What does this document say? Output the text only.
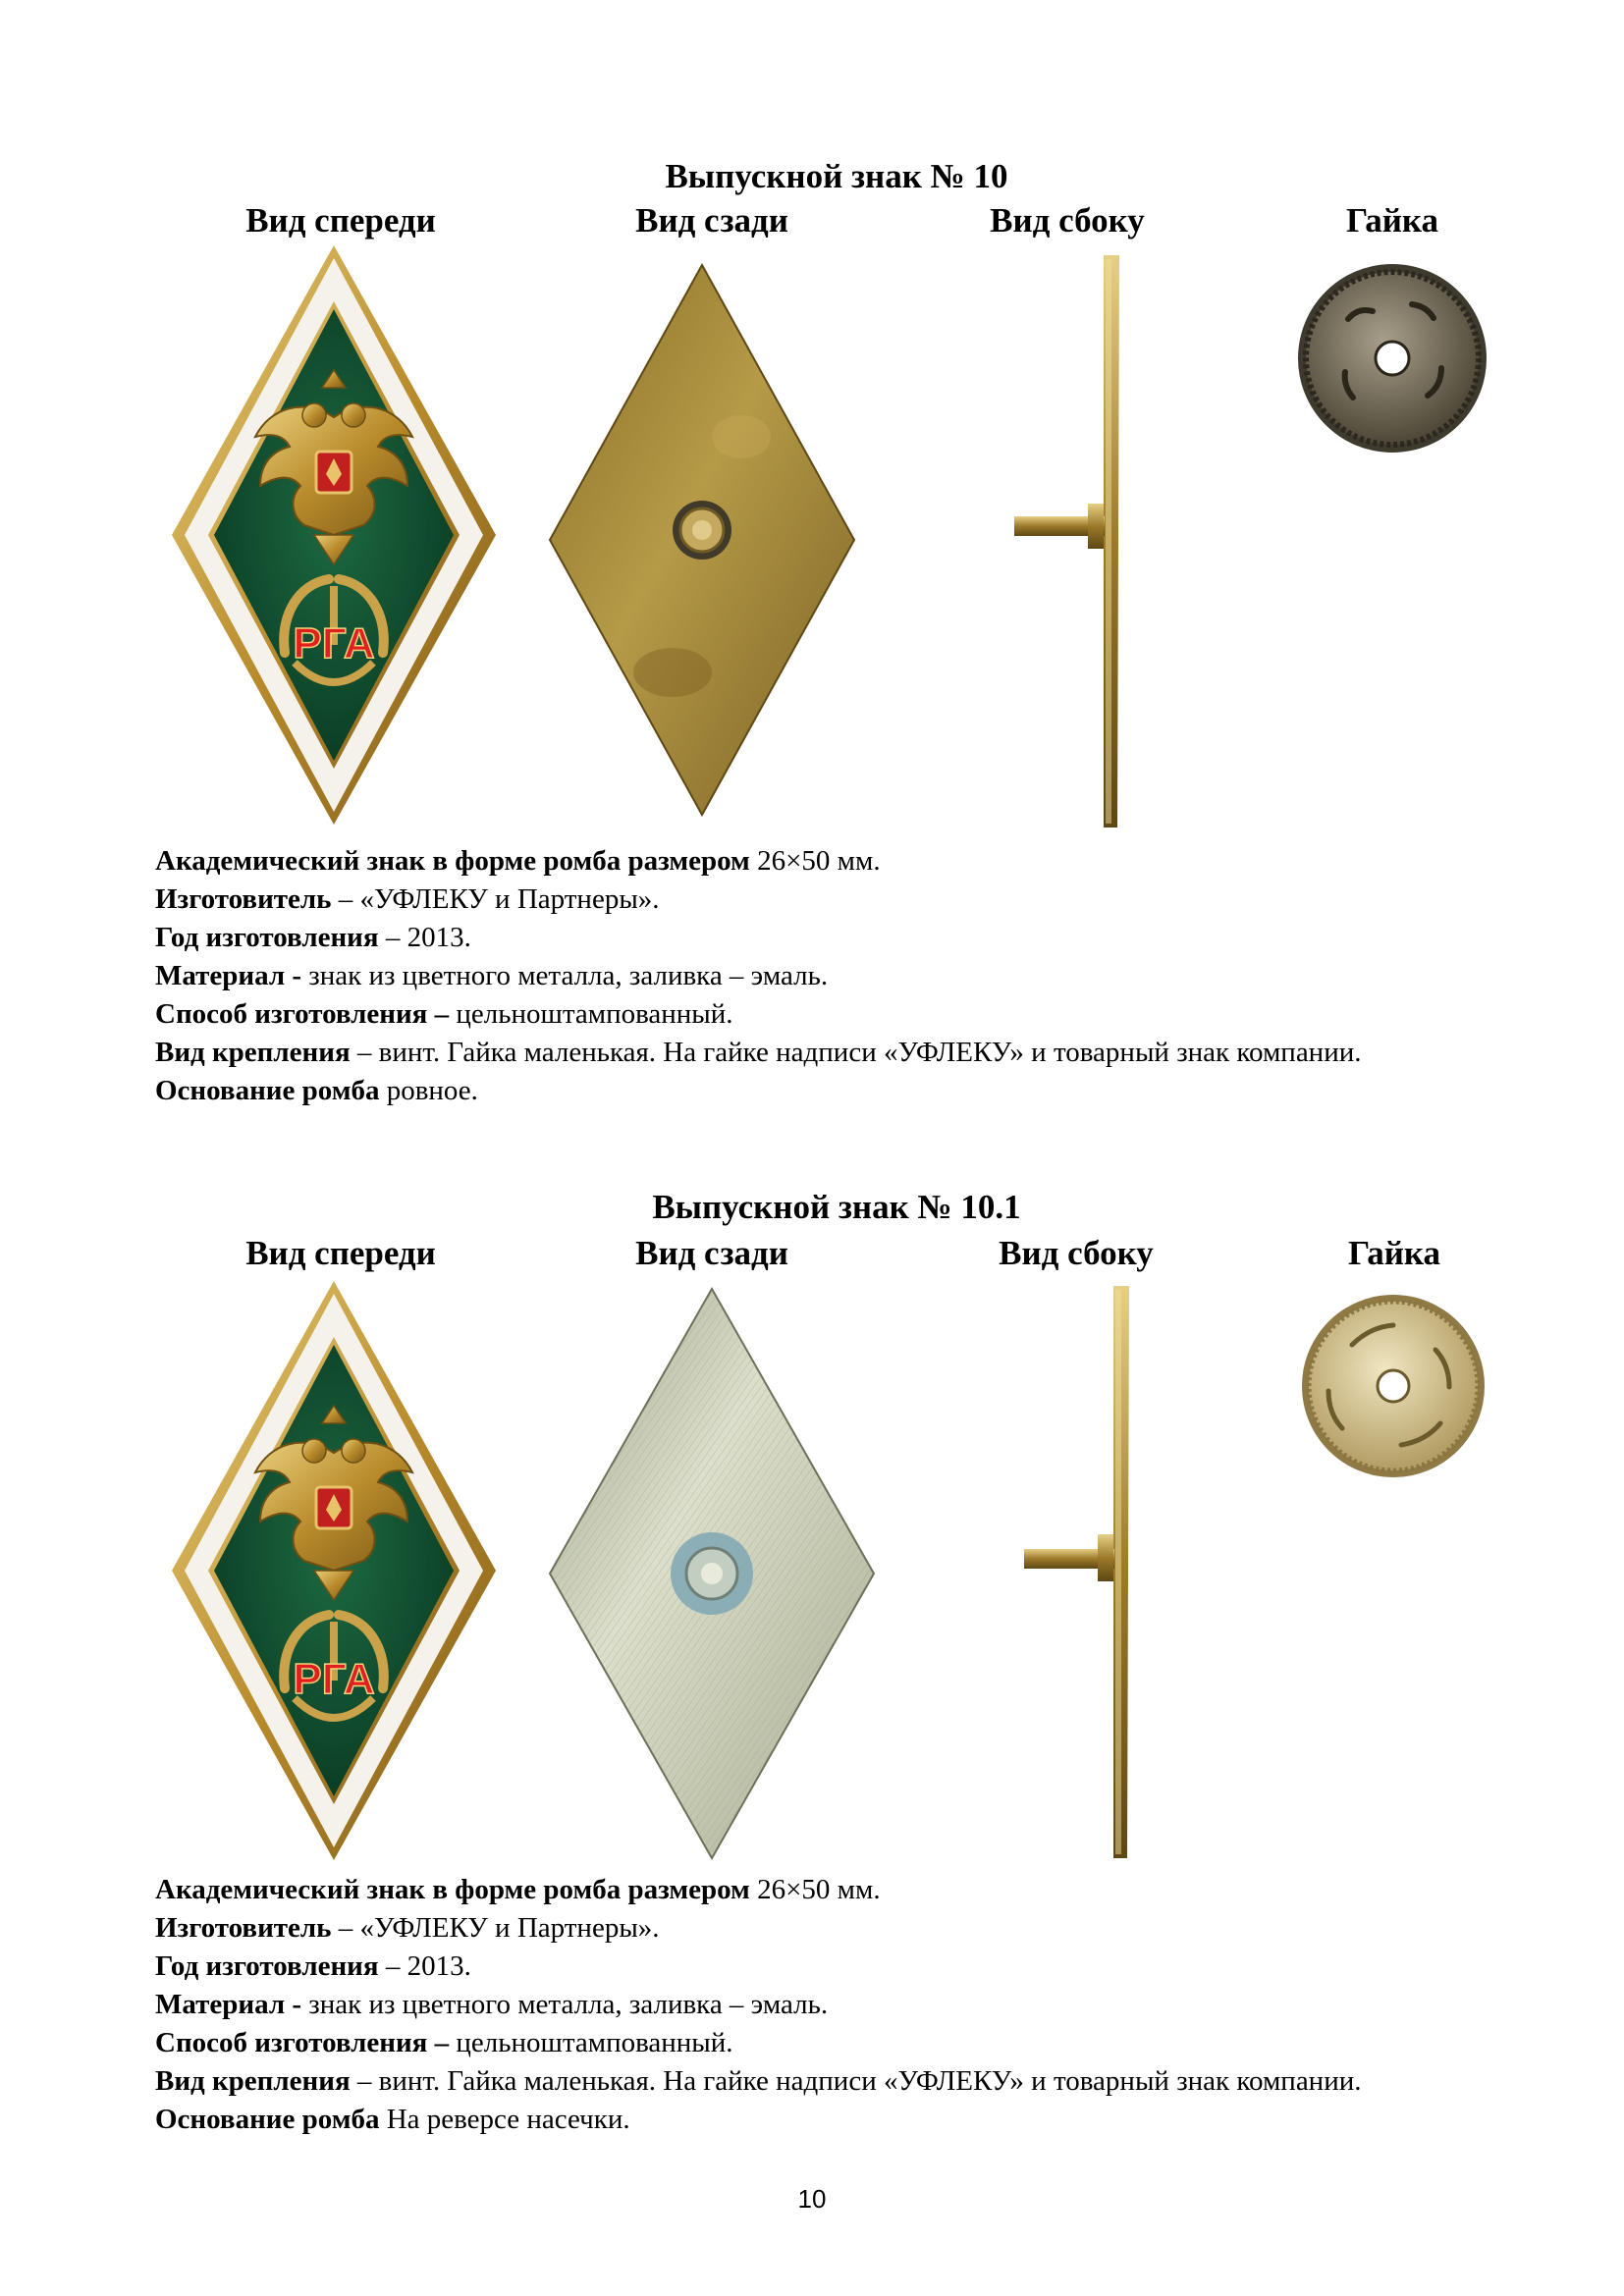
Выпускной знак № 10
Вид спереди	Вид сзади	Вид сбоку	Гайка
РГА

Академический знак в форме ромба размером 26×50 мм.

Изготовитель – «УФЛЕКУ и Партнеры».

Год изготовления – 2013.

Материал - знак из цветного металла, заливка – эмаль.

Способ изготовления – цельноштампованный.

Вид крепления – винт. Гайка маленькая. На гайке надписи «УФЛЕКУ» и товарный знак компании.

Основание ромба ровное.

Выпускной знак № 10.1
Вид спереди	Вид сзади	Вид сбоку	Гайка
РГА

Академический знак в форме ромба размером 26×50 мм.

Изготовитель – «УФЛЕКУ и Партнеры».

Год изготовления – 2013.

Материал - знак из цветного металла, заливка – эмаль.

Способ изготовления – цельноштампованный.

Вид крепления – винт. Гайка маленькая. На гайке надписи «УФЛЕКУ» и товарный знак компании.

Основание ромба На реверсе насечки.

10
